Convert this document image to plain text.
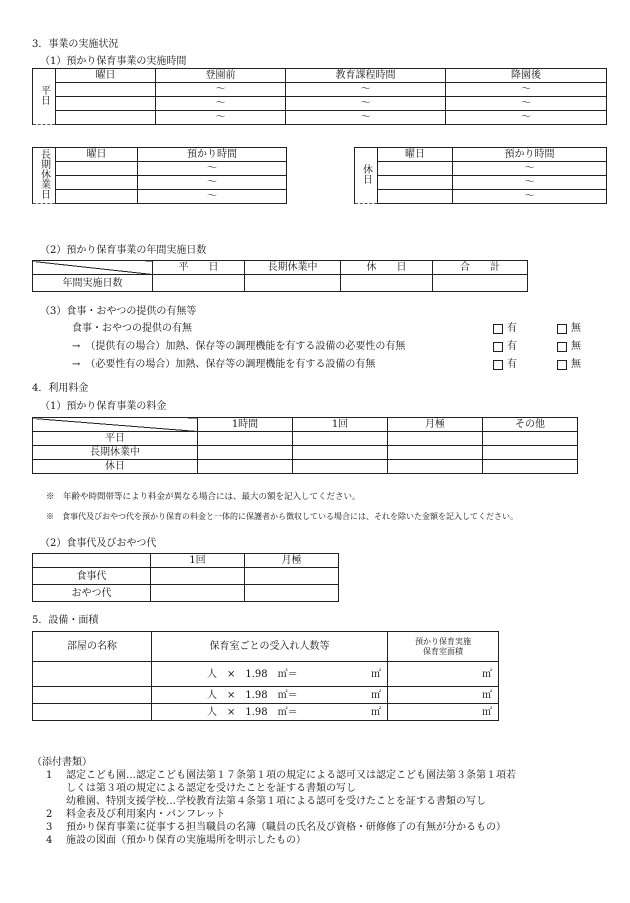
3．事業の実施状況
（1）預かり保育事業の実施時間
平日	曜日	登園前	教育課程時間	降園後
		～	～	～
		～	～	～
		～	～	～
長期休業日	曜日	預かり時間
		～
		～
		～
休日	曜日	預かり時間
		～
		～
		～
（2）預かり保育事業の年間実施日数
	平　　日	長期休業中	休　　日	合　　計
年間実施日数				
（3）食事・おやつの提供の有無等
食事・おやつの提供の有無
→　（提供有の場合）加熱、保存等の調理機能を有する設備の必要性の有無
→　（必要性有の場合）加熱、保存等の調理機能を有する設備の有無
有	無
有	無
有	無
4．利用料金
（1）預かり保育事業の料金
	1時間	1回	月極	その他
平日				
長期休業中				
休日				
※　年齢や時間帯等により料金が異なる場合には、最大の額を記入してください。
※　食事代及びおやつ代を預かり保育の料金と一体的に保護者から徴収している場合には、それを除いた金額を記入してください。
（2）食事代及びおやつ代
	1回	月極
食事代		
おやつ代		
5．設備・面積
部屋の名称	保育室ごとの受入れ人数等	預かり保育実施
保育室面積

	人　×　1.98　㎡＝ ㎡	㎡

	人　×　1.98　㎡＝ ㎡	㎡

	人　×　1.98　㎡＝ ㎡	㎡
（添付書類）
1 認定こども園…認定こども園法第１７条第１項の規定による認可又は認定こども園法第３条第１項若
しくは第３項の規定による認定を受けたことを証する書類の写し
幼稚園、特別支援学校…学校教育法第４条第１項による認可を受けたことを証する書類の写し
2 料金表及び利用案内・パンフレット
3 預かり保育事業に従事する担当職員の名簿（職員の氏名及び資格・研修修了の有無が分かるもの）
4 施設の図面（預かり保育の実施場所を明示したもの）
